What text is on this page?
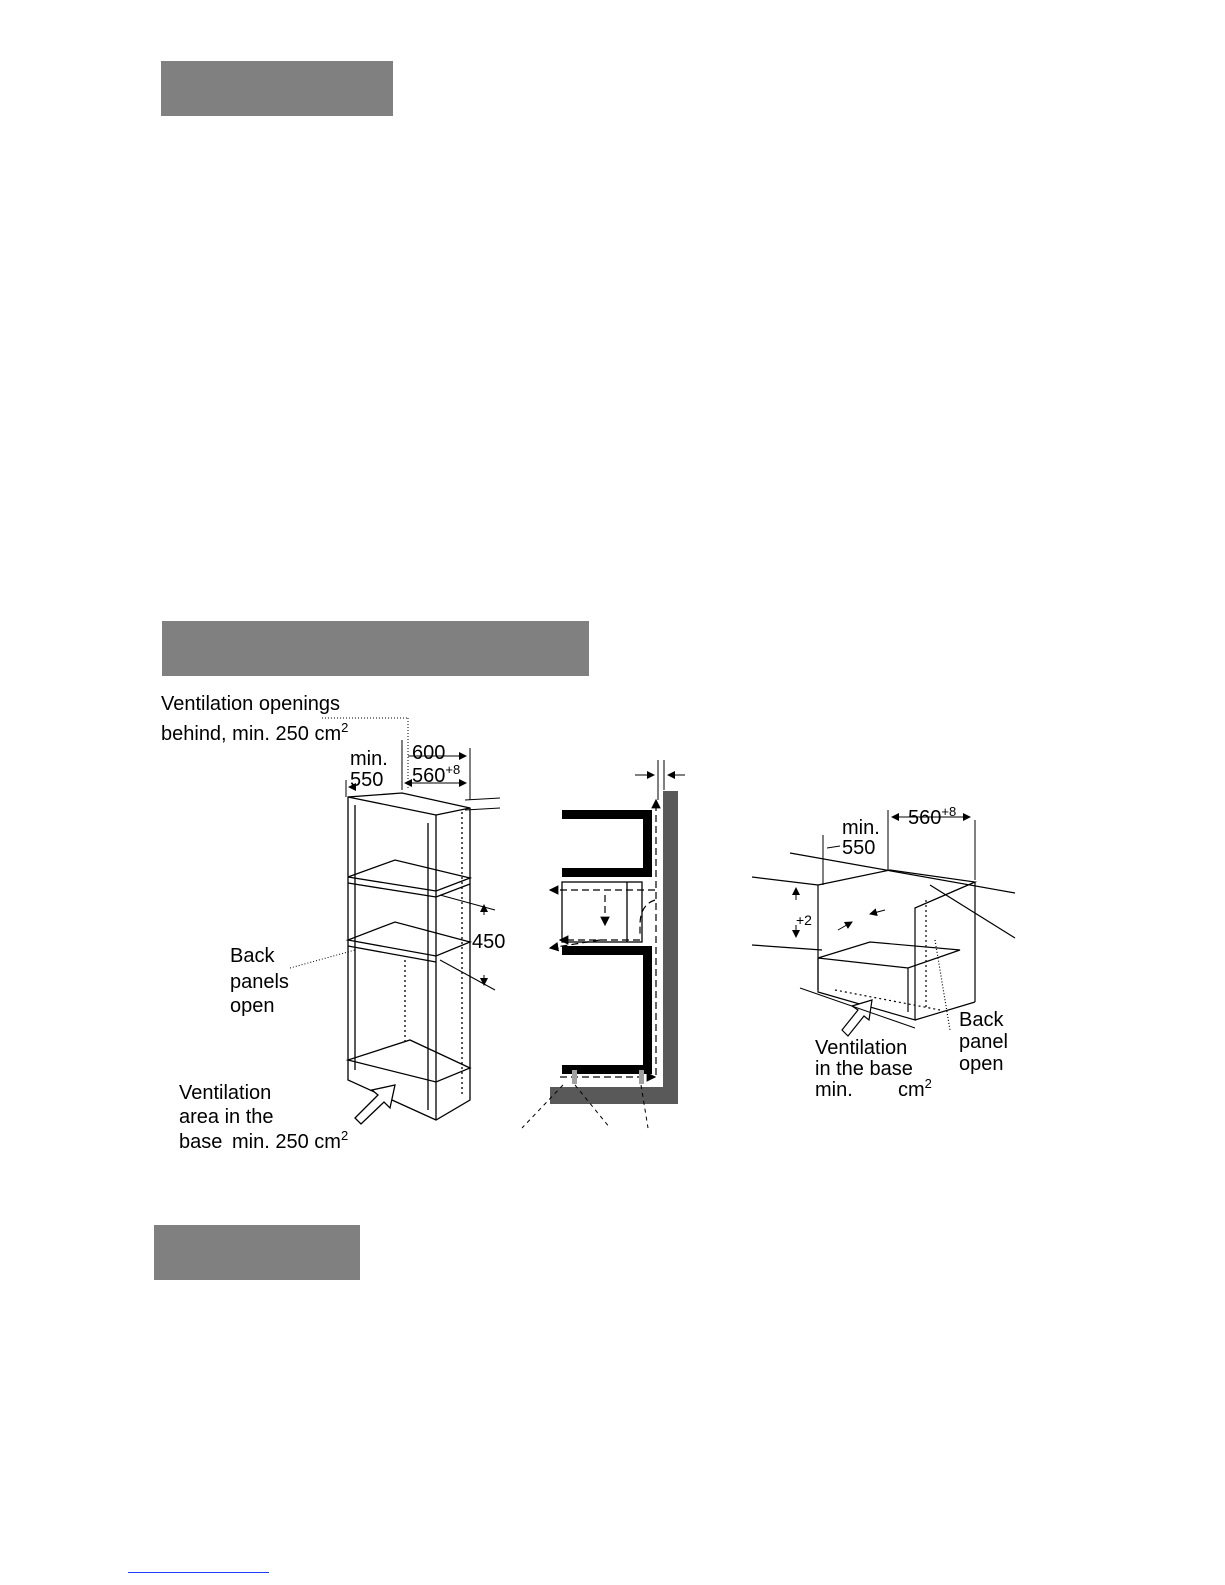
Ventilation openings
behind, min. 250 $cm^2$
min.
550
600
$560^{+8}$
450
Back
panels
open
Ventilation
area in the
base min. 250 $cm^2$
min.
550
$560^{+8}$
+2
Back
panel
open
Ventilation
in the base
min. $cm^2$
